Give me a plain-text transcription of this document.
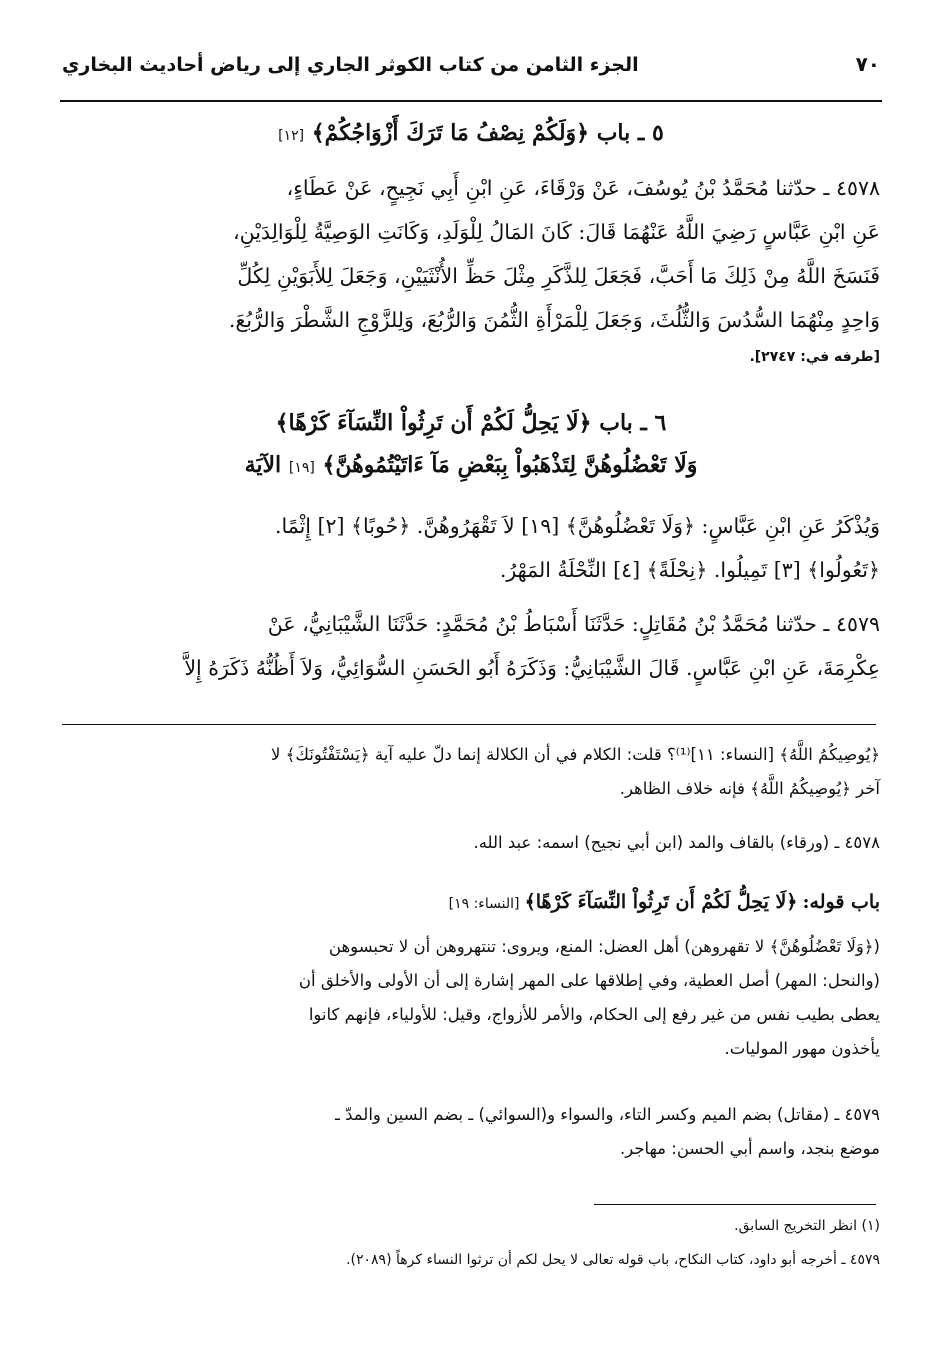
٧٠
الجزء الثامن من كتاب الكوثر الجاري إلى رياض أحاديث البخاري
٥ ـ باب ﴿وَلَكُمْ نِصْفُ مَا تَرَكَ أَزْوَاجُكُمْ﴾ [١٢]
٤٥٧٨ ـ حدّثنا مُحَمَّدُ بْنُ يُوسُفَ، عَنْ وَرْقَاءَ، عَنِ ابْنِ أَبِي نَجِيحٍ، عَنْ عَطَاءٍ،
عَنِ ابْنِ عَبَّاسٍ رَضِيَ اللَّهُ عَنْهُمَا قَالَ: كَانَ المَالُ لِلْوَلَدِ، وَكَانَتِ الوَصِيَّةُ لِلْوَالِدَيْنِ،
فَنَسَخَ اللَّهُ مِنْ ذَلِكَ مَا أَحَبَّ، فَجَعَلَ لِلذَّكَرِ مِثْلَ حَظِّ الأُنْثَيَيْنِ، وَجَعَلَ لِلأَبَوَيْنِ لِكُلِّ
وَاحِدٍ مِنْهُمَا السُّدُسَ وَالثُّلُثَ، وَجَعَلَ لِلْمَرْأَةِ الثُّمُنَ وَالرُّبُعَ، وَلِلزَّوْجِ الشَّطْرَ وَالرُّبُعَ.
[طرفه في: ٢٧٤٧].
٦ ـ باب ﴿لَا يَحِلُّ لَكُمْ أَن تَرِثُواْ النِّسَآءَ كَرْهًا﴾
وَلَا تَعْضُلُوهُنَّ لِتَذْهَبُواْ بِبَعْضِ مَآ ءَاتَيْتُمُوهُنَّ﴾ [١٩] الآيَة
وَيُذْكَرُ عَنِ ابْنِ عَبَّاسٍ: ﴿وَلَا تَعْضُلُوهُنَّ﴾ [١٩] لاَ تَقْهَرُوهُنَّ. ﴿حُوبًا﴾ [٢] إِثْمًا.
﴿تَعُولُوا﴾ [٣] تَمِيلُوا. ﴿نِحْلَةً﴾ [٤] النِّحْلَةُ المَهْرُ.
٤٥٧٩ ـ حدّثنا مُحَمَّدُ بْنُ مُقَاتِلٍ: حَدَّثَنَا أَسْبَاطُ بْنُ مُحَمَّدٍ: حَدَّثَنَا الشَّيْبَانِيُّ، عَنْ
عِكْرِمَةَ، عَنِ ابْنِ عَبَّاسٍ. قَالَ الشَّيْبَانِيُّ: وَذَكَرَهُ أَبُو الحَسَنِ السُّوَائِيُّ، وَلاَ أَظُنُّهُ ذَكَرَهُ إِلاَّ
﴿يُوصِيكُمُ اللَّهُ﴾ [النساء: ١١]⁽¹⁾؟ قلت: الكلام في أن الكلالة إنما دلّ عليه آية ﴿يَسْتَفْتُونَكَ﴾ لا
آخر ﴿يُوصِيكُمُ اللَّهُ﴾ فإنه خلاف الظاهر.
٤٥٧٨ ـ (ورقاء) بالقاف والمد (ابن أبي نجيح) اسمه: عبد الله.
باب قوله: ﴿لَا يَحِلُّ لَكُمْ أَن تَرِثُواْ النِّسَآءَ كَرْهًا﴾ [النساء: ١٩]
(﴿وَلَا تَعْضُلُوهُنَّ﴾ لا تقهروهن) أهل العضل: المنع، ويروى: تنتهروهن أن لا تحبسوهن
(والنحل: المهر) أصل العطية، وفي إطلاقها على المهر إشارة إلى أن الأولى والأخلق أن
يعطى بطيب نفس من غير رفع إلى الحكام، والأمر للأزواج، وقيل: للأولياء، فإنهم كانوا
يأخذون مهور الموليات.
٤٥٧٩ ـ (مقاتل) بضم الميم وكسر التاء، والسواء و(السوائي) ـ بضم السين والمدّ ـ
موضع بنجد، واسم أبي الحسن: مهاجر.
(١) انظر التخريج السابق.
٤٥٧٩ ـ أخرجه أبو داود، كتاب النكاح، باب قوله تعالى لا يحل لكم أن ترثوا النساء كرهاً (٢٠٨٩).
